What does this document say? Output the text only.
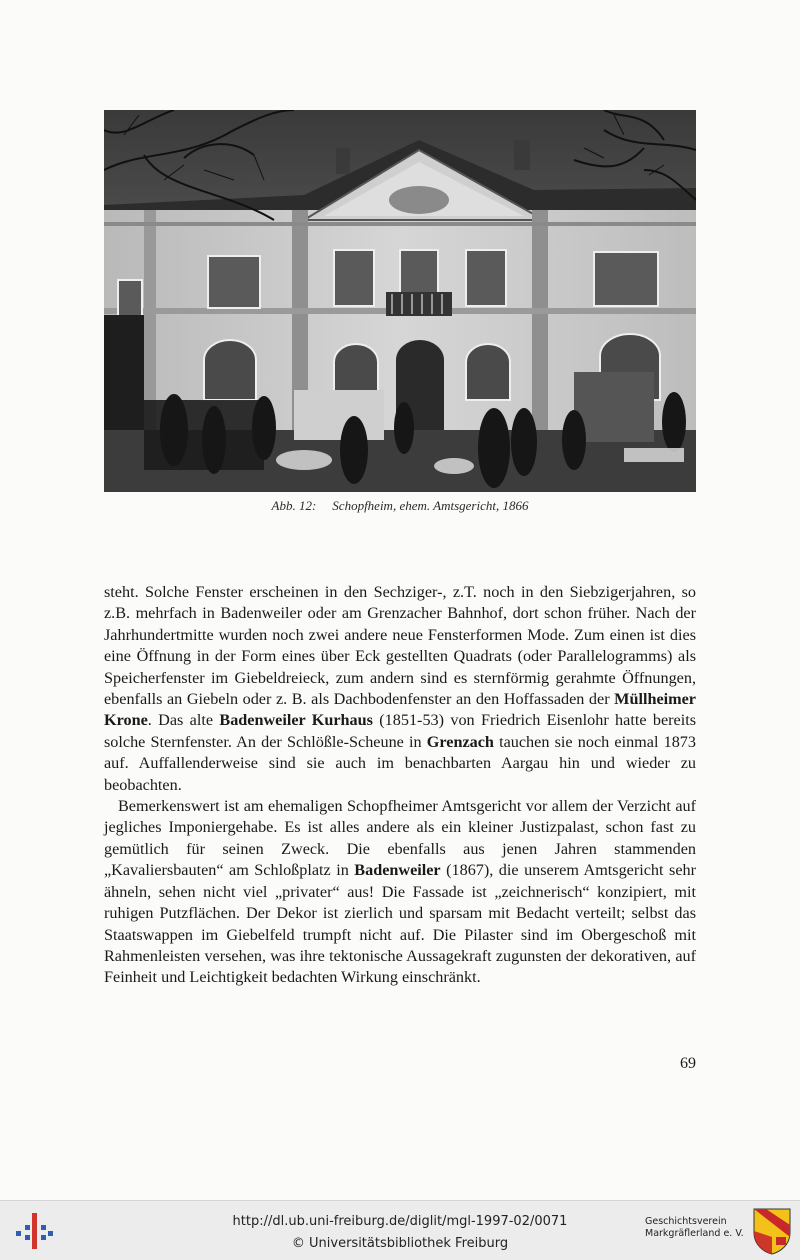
Abb. 12: Schopfheim, ehem. Amtsgericht, 1866

steht. Solche Fenster erscheinen in den Sechziger-, z.T. noch in den Siebzigerjahren, so z.B. mehrfach in Badenweiler oder am Grenzacher Bahnhof, dort schon früher. Nach der Jahrhundertmitte wurden noch zwei andere neue Fensterformen Mode. Zum einen ist dies eine Öffnung in der Form eines über Eck gestellten Quadrats (oder Parallelogramms) als Speicherfenster im Giebeldreieck, zum andern sind es sternförmig gerahmte Öffnungen, ebenfalls an Giebeln oder z. B. als Dachbodenfenster an den Hoffassaden der Müllheimer Krone. Das alte Badenweiler Kurhaus (1851-53) von Friedrich Eisenlohr hatte bereits solche Sternfenster. An der Schlößle-Scheune in Grenzach tauchen sie noch einmal 1873 auf. Auffallenderweise sind sie auch im benachbarten Aargau hin und wieder zu beobachten.

Bemerkenswert ist am ehemaligen Schopfheimer Amtsgericht vor allem der Verzicht auf jegliches Imponiergehabe. Es ist alles andere als ein kleiner Justizpalast, schon fast zu gemütlich für seinen Zweck. Die ebenfalls aus jenen Jahren stammenden „Kavaliersbauten“ am Schloßplatz in Badenweiler (1867), die unserem Amtsgericht sehr ähneln, sehen nicht viel „privater“ aus! Die Fassade ist „zeichnerisch“ konzipiert, mit ruhigen Putzflächen. Der Dekor ist zierlich und sparsam mit Bedacht verteilt; selbst das Staatswappen im Giebelfeld trumpft nicht auf. Die Pilaster sind im Obergeschoß mit Rahmenleisten versehen, was ihre tektonische Aussagekraft zugunsten der dekorativen, auf Feinheit und Leichtigkeit bedachten Wirkung einschränkt.

69
http://dl.ub.uni-freiburg.de/diglit/mgl-1997-02/0071
© Universitätsbibliothek Freiburg
Geschichtsverein
Markgräflerland e. V.
